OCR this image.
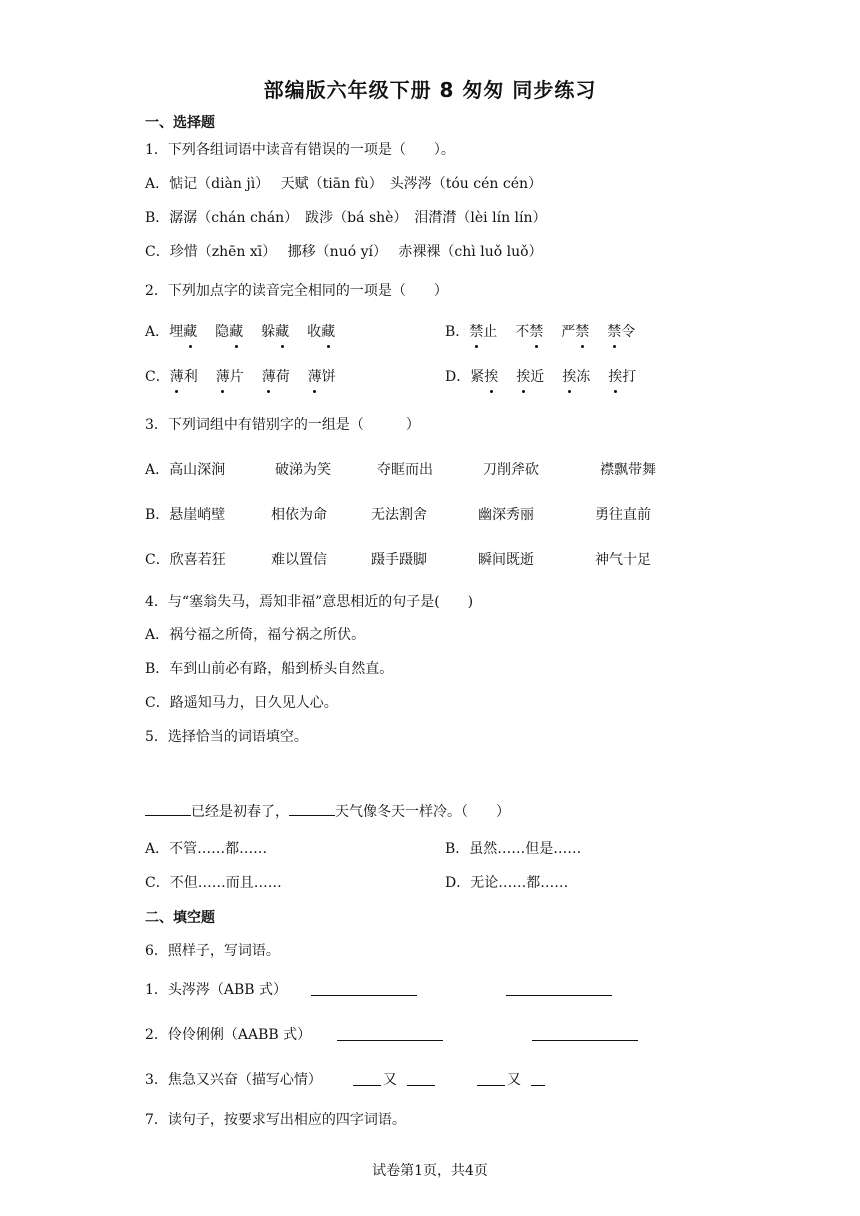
部编版六年级下册 8 匆匆 同步练习
一、选择题
1．下列各组词语中读音有错误的一项是（　　）。
A．惦记（diàn jì）　 天赋（tiān fù）　头涔涔（tóu cén cén）
B．潺潺（chán chán）　跋涉（bá shè）　泪潸潸（lèi lín lín）
C．珍惜（zhēn xī）　 挪移（nuó yí）　 赤裸裸（chì luǒ luǒ）
2．下列加点字的读音完全相同的一项是（　　）
A．埋藏 隐藏 躲藏 收藏	B．禁止 不禁 严禁 禁令
C．薄利 薄片 薄荷 薄饼	D．紧挨 挨近 挨冻 挨打
3．下列词组中有错别字的一组是（　　　）
A．高山深涧	破涕为笑	夺眶而出	刀削斧砍	襟飘带舞
B．悬崖峭壁	相依为命	无法割舍	幽深秀丽	勇往直前
C．欣喜若狂	难以置信	蹑手蹑脚	瞬间既逝	神气十足
4．与“塞翁失马，焉知非福”意思相近的句子是(　　)
A．祸兮福之所倚，福兮祸之所伏。
B．车到山前必有路，船到桥头自然直。
C．路遥知马力，日久见人心。
5．选择恰当的词语填空。
已经是初春了，	天气像冬天一样冷。（　　）
A．不管……都……	B．虽然……但是……
C．不但……而且……	D．无论……都……
二、填空题
6．照样子，写词语。
1．头涔涔（ABB 式）
2．伶伶俐俐（AABB 式）
3．焦急又兴奋（描写心情）	又	又
7．读句子，按要求写出相应的四字词语。
试卷第1页，共4页
